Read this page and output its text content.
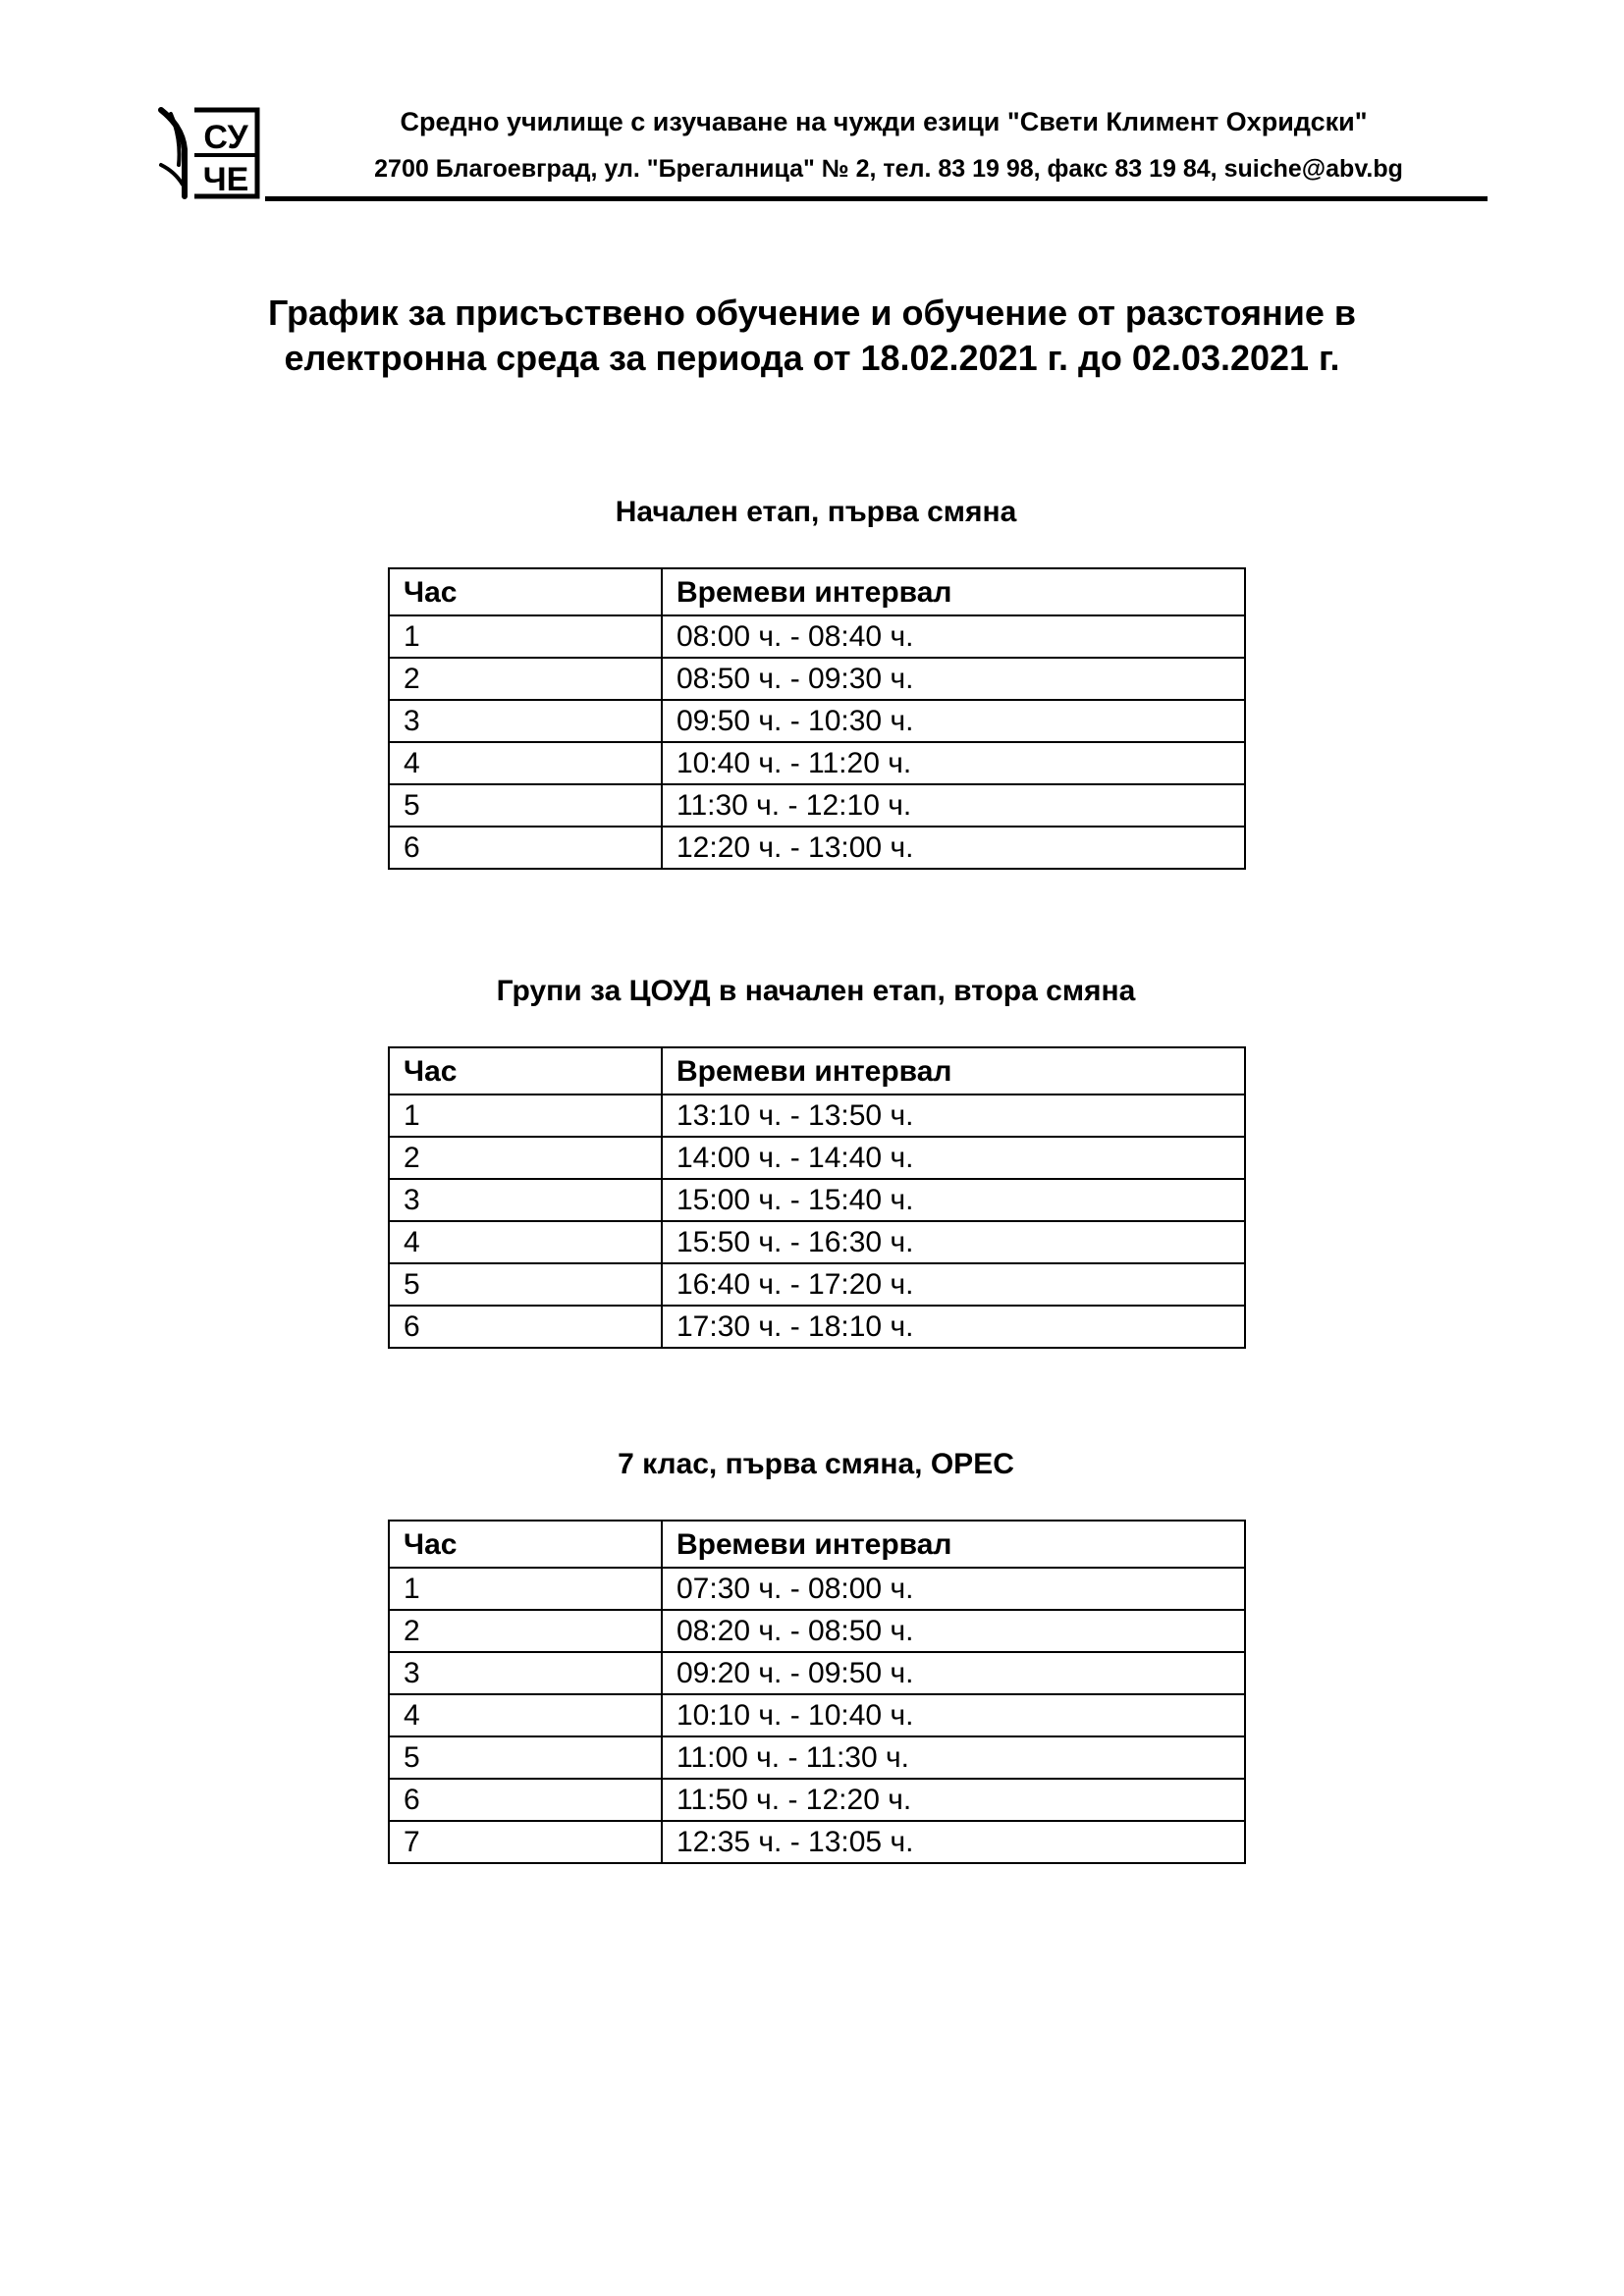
СУ
ЧЕ
Средно училище с изучаване на чужди езици "Свети Климент Охридски"
2700 Благоевград, ул. "Брегалница" № 2, тел. 83 19 98, факс 83 19 84, suiche@abv.bg
График за присъствено обучение и обучение от разстояние в
електронна среда за периода от 18.02.2021 г. до 02.03.2021 г.
Начален етап, първа смяна
Час	Времеви интервал
1	08:00 ч. - 08:40 ч.
2	08:50 ч. - 09:30 ч.
3	09:50 ч. - 10:30 ч.
4	10:40 ч. - 11:20 ч.
5	11:30 ч. - 12:10 ч.
6	12:20 ч. - 13:00 ч.
Групи за ЦОУД в начален етап, втора смяна
Час	Времеви интервал
1	13:10 ч. - 13:50 ч.
2	14:00 ч. - 14:40 ч.
3	15:00 ч. - 15:40 ч.
4	15:50 ч. - 16:30 ч.
5	16:40 ч. - 17:20 ч.
6	17:30 ч. - 18:10 ч.
7 клас, първа смяна, ОРЕС
Час	Времеви интервал
1	07:30 ч. - 08:00 ч.
2	08:20 ч. - 08:50 ч.
3	09:20 ч. - 09:50 ч.
4	10:10 ч. - 10:40 ч.
5	11:00 ч. - 11:30 ч.
6	11:50 ч. - 12:20 ч.
7	12:35 ч. - 13:05 ч.
